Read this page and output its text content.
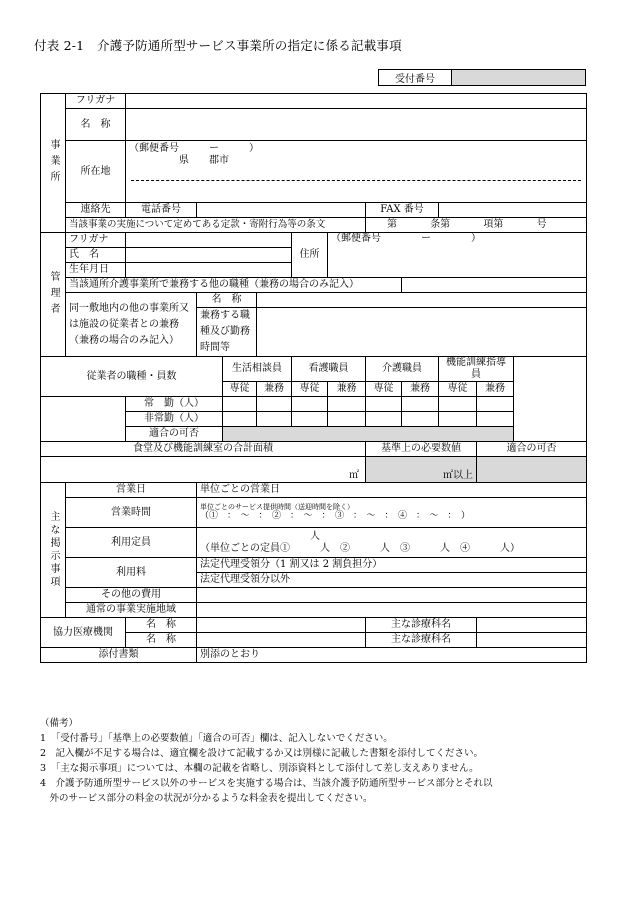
付表 2-1　介護予防通所型サービス事業所の指定に係る記載事項
受付番号	
事業所	フリガナ											
	名　称											
	所在地	（郵便番号　　　ー　　　）
県　　郡市										

	連絡先	電話番号						FAX 番号				
	当該事業の実施について定めてある定款・寄附行為等の条文							第 条第 項第 号				
管理者	フリガナ					住所	（郵便番号　　　　ー　　　　）					

	氏　名											
	生年月日											
	当該通所介護事業所で兼務する他の職種（兼務の場合のみ記入）											
	同一敷地内の他の事業所又は施設の従業者との兼務（兼務の場合のみ記入）		名　称									
			兼務する職種及び勤務時間等									

従業者の職種・員数				生活相談員		看護職員		介護職員		機能訓練指導員		
				専従	兼務	専従	兼務	専従	兼務	専従	兼務	
		常　勤（人）										
		非常勤（人）										
		適合の可否										
食堂及び機能訓練室の合計面積								基準上の必要数値			適合の可否	
㎡								㎡以上				
主な掲示事項	営業日		単位ごとの営業日									
	営業時間		単位ごとのサービス提供時間（送迎時間を除く）
（①　：　～　：　②　：　～　：　③　：　～　：　④　：　～　：　）									

	利用定員		人
（単位ごとの定員①　　　人　②　　　人　③　　　人　④　　　人）									

	利用料		法定代理受領分（1 割又は 2 割負担分）									
			法定代理受領分以外									
	その他の費用											
	通常の事業実施地域											
協力医療機関		名　称						主な診療科名				
		名　称						主な診療科名				
添付書類			別添のとおり									
（備考）
1　「受付番号」「基準上の必要数値」「適合の可否」欄は、記入しないでください。
2　記入欄が不足する場合は、適宜欄を設けて記載するか又は別様に記載した書類を添付してください。
3　「主な掲示事項」については、本欄の記載を省略し、別添資料として添付して差し支えありません。
4　介護予防通所型サービス以外のサービスを実施する場合は、当該介護予防通所型サービス部分とそれ以
　外のサービス部分の料金の状況が分かるような料金表を提出してください。
